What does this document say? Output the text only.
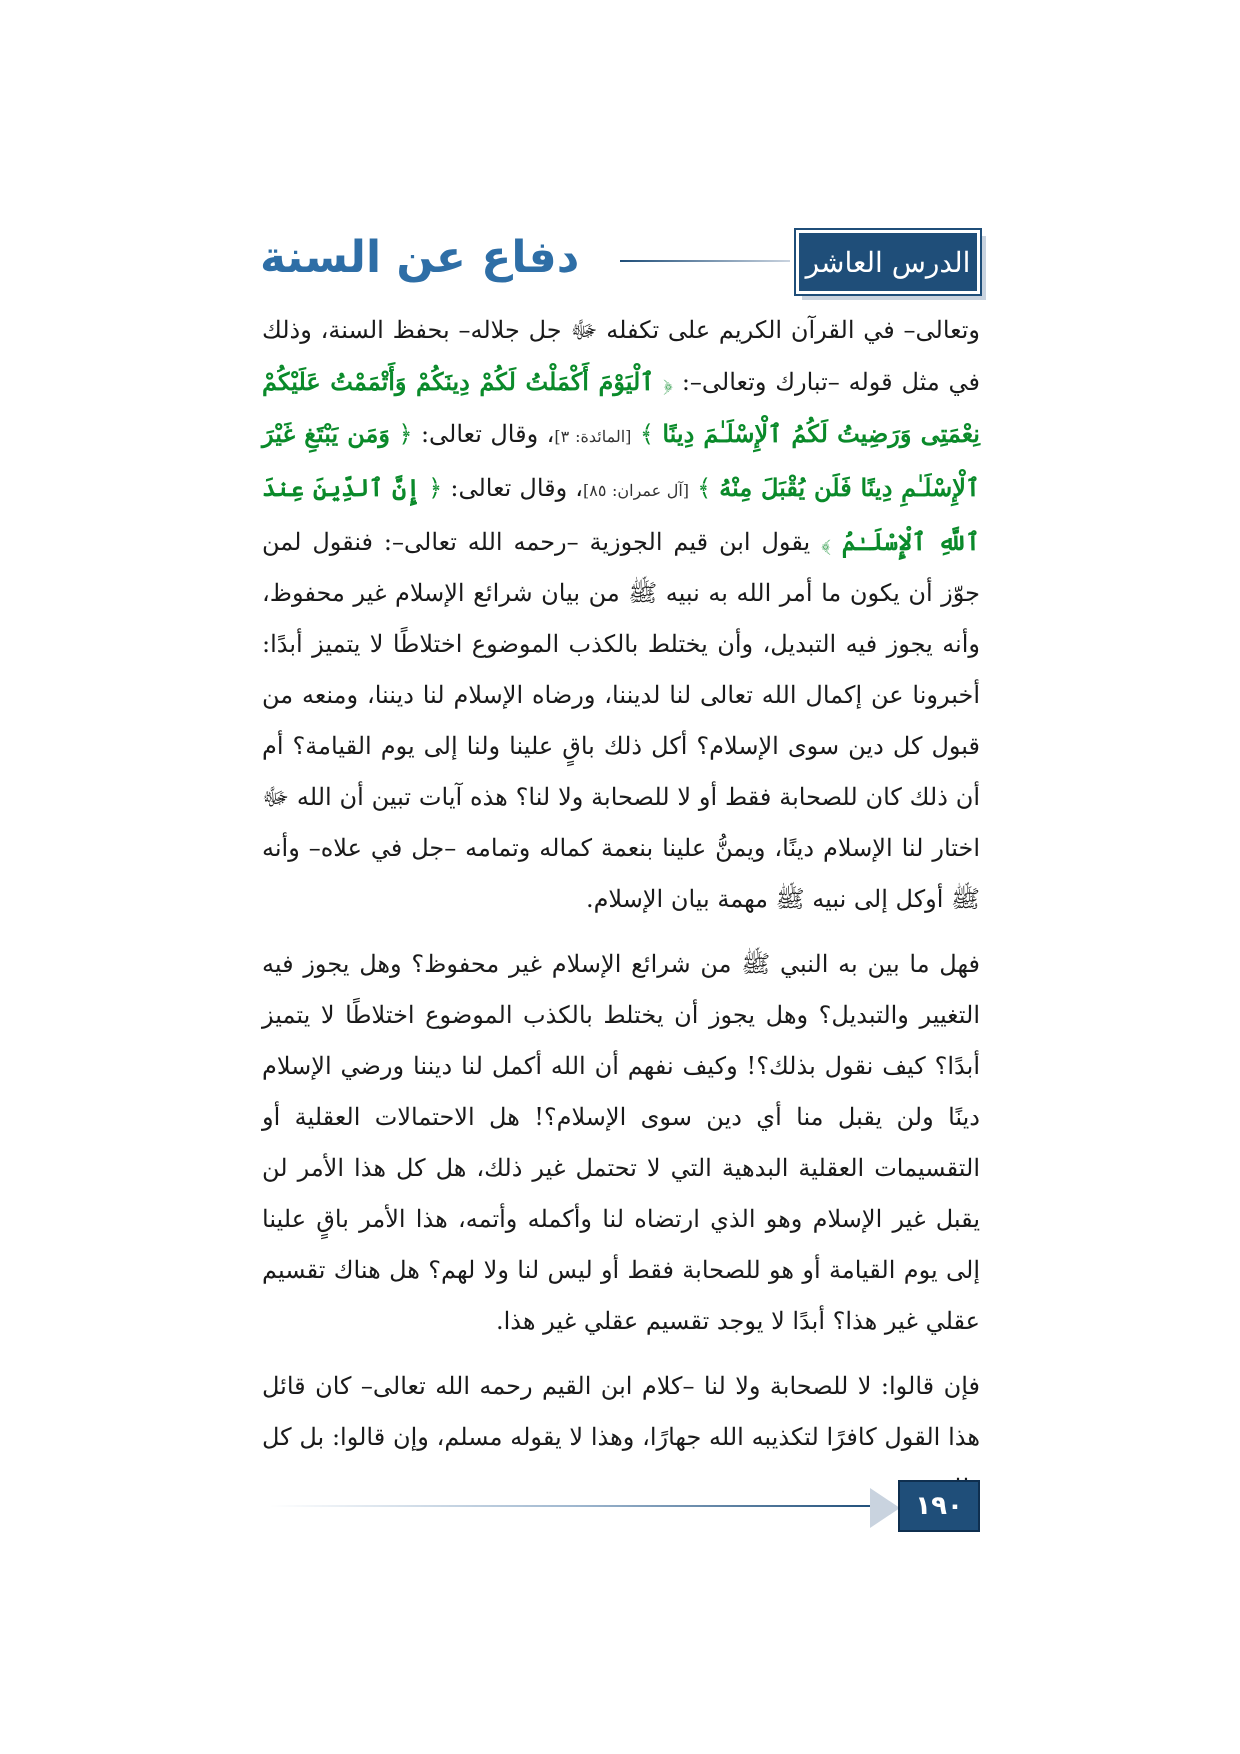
الدرس العاشر
دفاع عن السنة

وتعالى– في القرآن الكريم على تكفله ﷻ جل جلاله– بحفظ السنة، وذلك في مثل قوله –تبارك وتعالى–: ﴿ ٱلْيَوْمَ أَكْمَلْتُ لَكُمْ دِينَكُمْ وَأَتْمَمْتُ عَلَيْكُمْ نِعْمَتِى وَرَضِيتُ لَكُمُ ٱلْإِسْلَـٰمَ دِينًا ﴾ [المائدة: ٣]، وقال تعالى: ﴿ وَمَن يَبْتَغِ غَيْرَ ٱلْإِسْلَـٰمِ دِينًا فَلَن يُقْبَلَ مِنْهُ ﴾ [آل عمران: ٨٥]، وقال تعالى: ﴿ إِنَّ ٱلدِّينَ عِندَ ٱللَّهِ ٱلْإِسْلَـٰمُ ﴾ يقول ابن قيم الجوزية –رحمه الله تعالى–: فنقول لمن جوّز أن يكون ما أمر الله به نبيه ﷺ من بيان شرائع الإسلام غير محفوظ، وأنه يجوز فيه التبديل، وأن يختلط بالكذب الموضوع اختلاطًا لا يتميز أبدًا: أخبرونا عن إكمال الله تعالى لنا لديننا، ورضاه الإسلام لنا ديننا، ومنعه من قبول كل دين سوى الإسلام؟ أكل ذلك باقٍ علينا ولنا إلى يوم القيامة؟ أم أن ذلك كان للصحابة فقط أو لا للصحابة ولا لنا؟ هذه آيات تبين أن الله ﷻ اختار لنا الإسلام دينًا، ويمنُّ علينا بنعمة كماله وتمامه –جل في علاه– وأنه ﷺ أوكل إلى نبيه ﷺ مهمة بيان الإسلام.

فهل ما بين به النبي ﷺ من شرائع الإسلام غير محفوظ؟ وهل يجوز فيه التغيير والتبديل؟ وهل يجوز أن يختلط بالكذب الموضوع اختلاطًا لا يتميز أبدًا؟ كيف نقول بذلك؟! وكيف نفهم أن الله أكمل لنا ديننا ورضي الإسلام دينًا ولن يقبل منا أي دين سوى الإسلام؟! هل الاحتمالات العقلية أو التقسيمات العقلية البدهية التي لا تحتمل غير ذلك، هل كل هذا الأمر لن يقبل غير الإسلام وهو الذي ارتضاه لنا وأكمله وأتمه، هذا الأمر باقٍ علينا إلى يوم القيامة أو هو للصحابة فقط أو ليس لنا ولا لهم؟ هل هناك تقسيم عقلي غير هذا؟ أبدًا لا يوجد تقسيم عقلي غير هذا.

فإن قالوا: لا للصحابة ولا لنا –كلام ابن القيم رحمه الله تعالى– كان قائل هذا القول كافرًا لتكذيبه الله جهارًا، وهذا لا يقوله مسلم، وإن قالوا: بل كل

١٩٠
